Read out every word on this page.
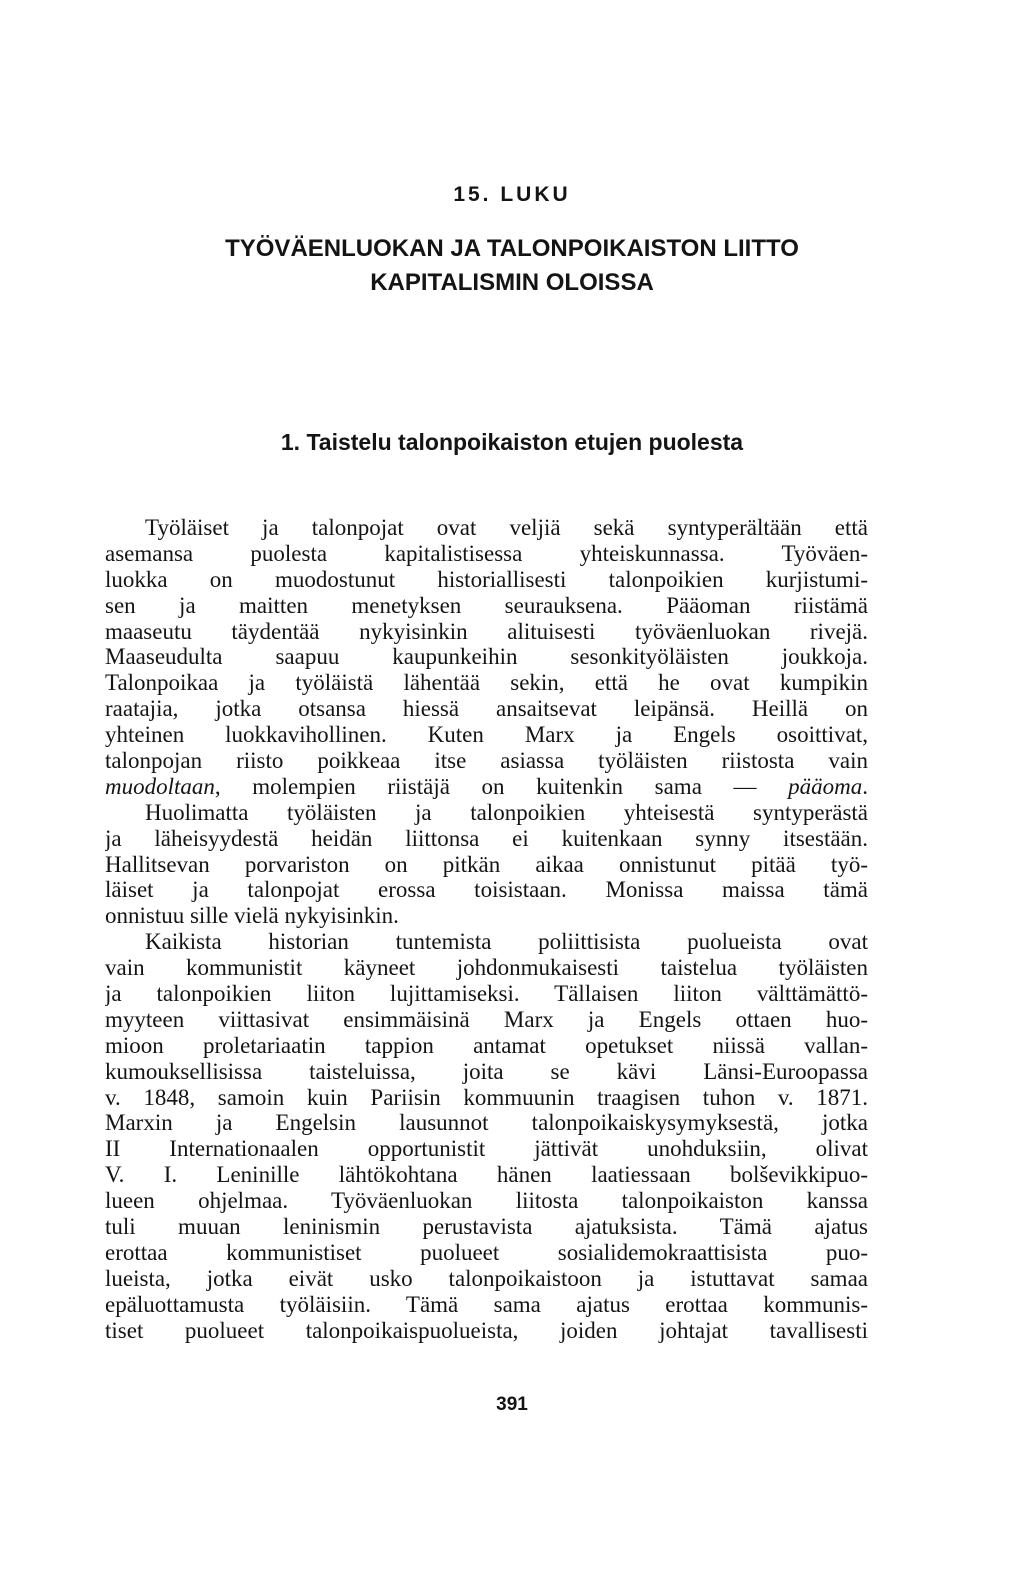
15. LUKU
TYÖVÄENLUOKAN JA TALONPOIKAISTON LIITTO
KAPITALISMIN OLOISSA
1. Taistelu talonpoikaiston etujen puolesta
Työläiset ja talonpojat ovat veljiä sekä syntyperältään että
asemansa puolesta kapitalistisessa yhteiskunnassa. Työväen-
luokka on muodostunut historiallisesti talonpoikien kurjistumi-
sen ja maitten menetyksen seurauksena. Pääoman riistämä
maaseutu täydentää nykyisinkin alituisesti työväenluokan rivejä.
Maaseudulta saapuu kaupunkeihin sesonkityöläisten joukkoja.
Talonpoikaa ja työläistä lähentää sekin, että he ovat kumpikin
raatajia, jotka otsansa hiessä ansaitsevat leipänsä. Heillä on
yhteinen luokkavihollinen. Kuten Marx ja Engels osoittivat,
talonpojan riisto poikkeaa itse asiassa työläisten riistosta vain
muodoltaan, molempien riistäjä on kuitenkin sama — pääoma.
Huolimatta työläisten ja talonpoikien yhteisestä syntyperästä
ja läheisyydestä heidän liittonsa ei kuitenkaan synny itsestään.
Hallitsevan porvariston on pitkän aikaa onnistunut pitää työ-
läiset ja talonpojat erossa toisistaan. Monissa maissa tämä
onnistuu sille vielä nykyisinkin.
Kaikista historian tuntemista poliittisista puolueista ovat
vain kommunistit käyneet johdonmukaisesti taistelua työläisten
ja talonpoikien liiton lujittamiseksi. Tällaisen liiton välttämättö-
myyteen viittasivat ensimmäisinä Marx ja Engels ottaen huo-
mioon proletariaatin tappion antamat opetukset niissä vallan-
kumouksellisissa taisteluissa, joita se kävi Länsi-Euroopassa
v. 1848, samoin kuin Pariisin kommuunin traagisen tuhon v. 1871.
Marxin ja Engelsin lausunnot talonpoikaiskysymyksestä, jotka
II Internationaalen opportunistit jättivät unohduksiin, olivat
V. I. Leninille lähtökohtana hänen laatiessaan bolševikkipuo-
lueen ohjelmaa. Työväenluokan liitosta talonpoikaiston kanssa
tuli muuan leninismin perustavista ajatuksista. Tämä ajatus
erottaa kommunistiset puolueet sosialidemokraattisista puo-
lueista, jotka eivät usko talonpoikaistoon ja istuttavat samaa
epäluottamusta työläisiin. Tämä sama ajatus erottaa kommunis-
tiset puolueet talonpoikaispuolueista, joiden johtajat tavallisesti
391
